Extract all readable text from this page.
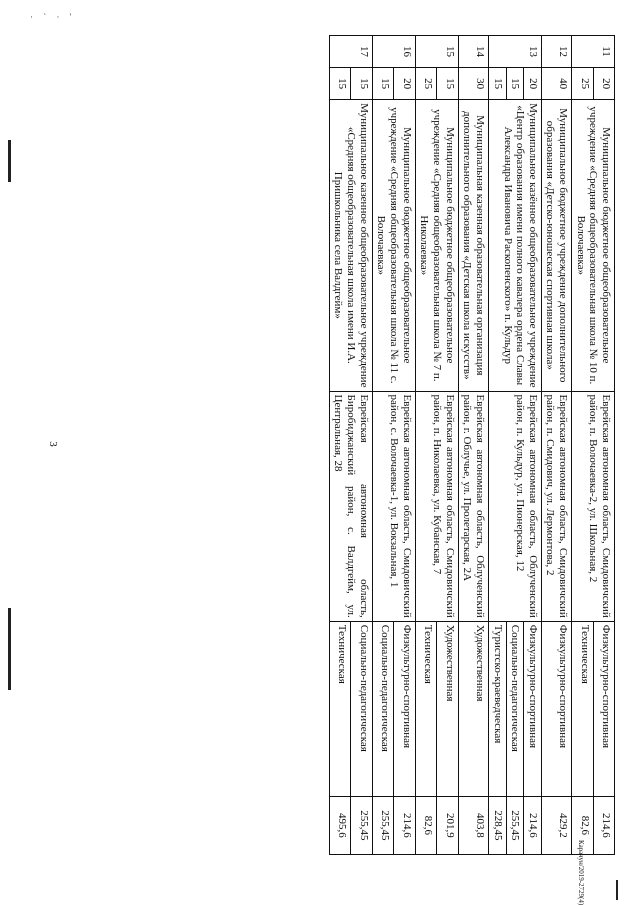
· ` · '
3
11	20	Муниципальное бюджетное общеобразовательное учреждение «Средняя общеобразовательная школа № 10 п. Волочаевка»	Еврейская автономная область, Смидовичский район, п. Волочаевка-2, ул. Школьная, 2	Физкультурно-спортивная	214,6
	25			Техническая	82,6
12	40	Муниципальное бюджетное учреждение дополнительного образования «Детско-юношеская спортивная школа»	Еврейская автономная область, Смидовичский район, п. Смидович, ул. Лермонтова, 2	Физкультурно-спортивная	429,2
13	20	Муниципальное казённое общеобразовательное учреждение «Центр образования имени полного кавалера ордена Славы Александра Ивановича Раскопенского» п. Кульдур	Еврейская автономная область, Облученский район, п. Кульдур, ул. Пионерская, 12	Физкультурно-спортивная	214,6
	15			Социально-педагогическая	255,45
	15			Туристско-краеведческая	228,45
14	30	Муниципальная казенная образовательная организация дополнительного образования «Детская школа искусств»	Еврейская автономная область, Облученский район, г. Облучье, ул. Пролетарская, 2А	Художественная	403,8
15	15	Муниципальное бюджетное общеобразовательное учреждение «Средняя общеобразовательная школа № 7 п. Николаевка»	Еврейская автономная область, Смидовичский район, п. Николаевка, ул. Кубанская, 7	Художественная	201,9
	25			Техническая	82,6
16	20	Муниципальное бюджетное общеобразовательное учреждение «Средняя общеобразовательная школа № 11 с. Волочаевка»	Еврейская автономная область, Смидовичский район, с. Волочаевка-1, ул. Вокзальная, 1	Физкультурно-спортивная	214,6
	15			Социально-педагогическая	255,45
17	15	Муниципальное казенное общеобразовательное учреждение «Средняя общеобразовательная школа имени И.А. Пришкольника села Валдгейм»	Еврейская автономная область, Биробиджанский район, с. Валдгейм, ул. Центральная, 28	Социально-педагогическая	255,45
	15			Техническая	495,6
Карачун/2019-2729(4)
